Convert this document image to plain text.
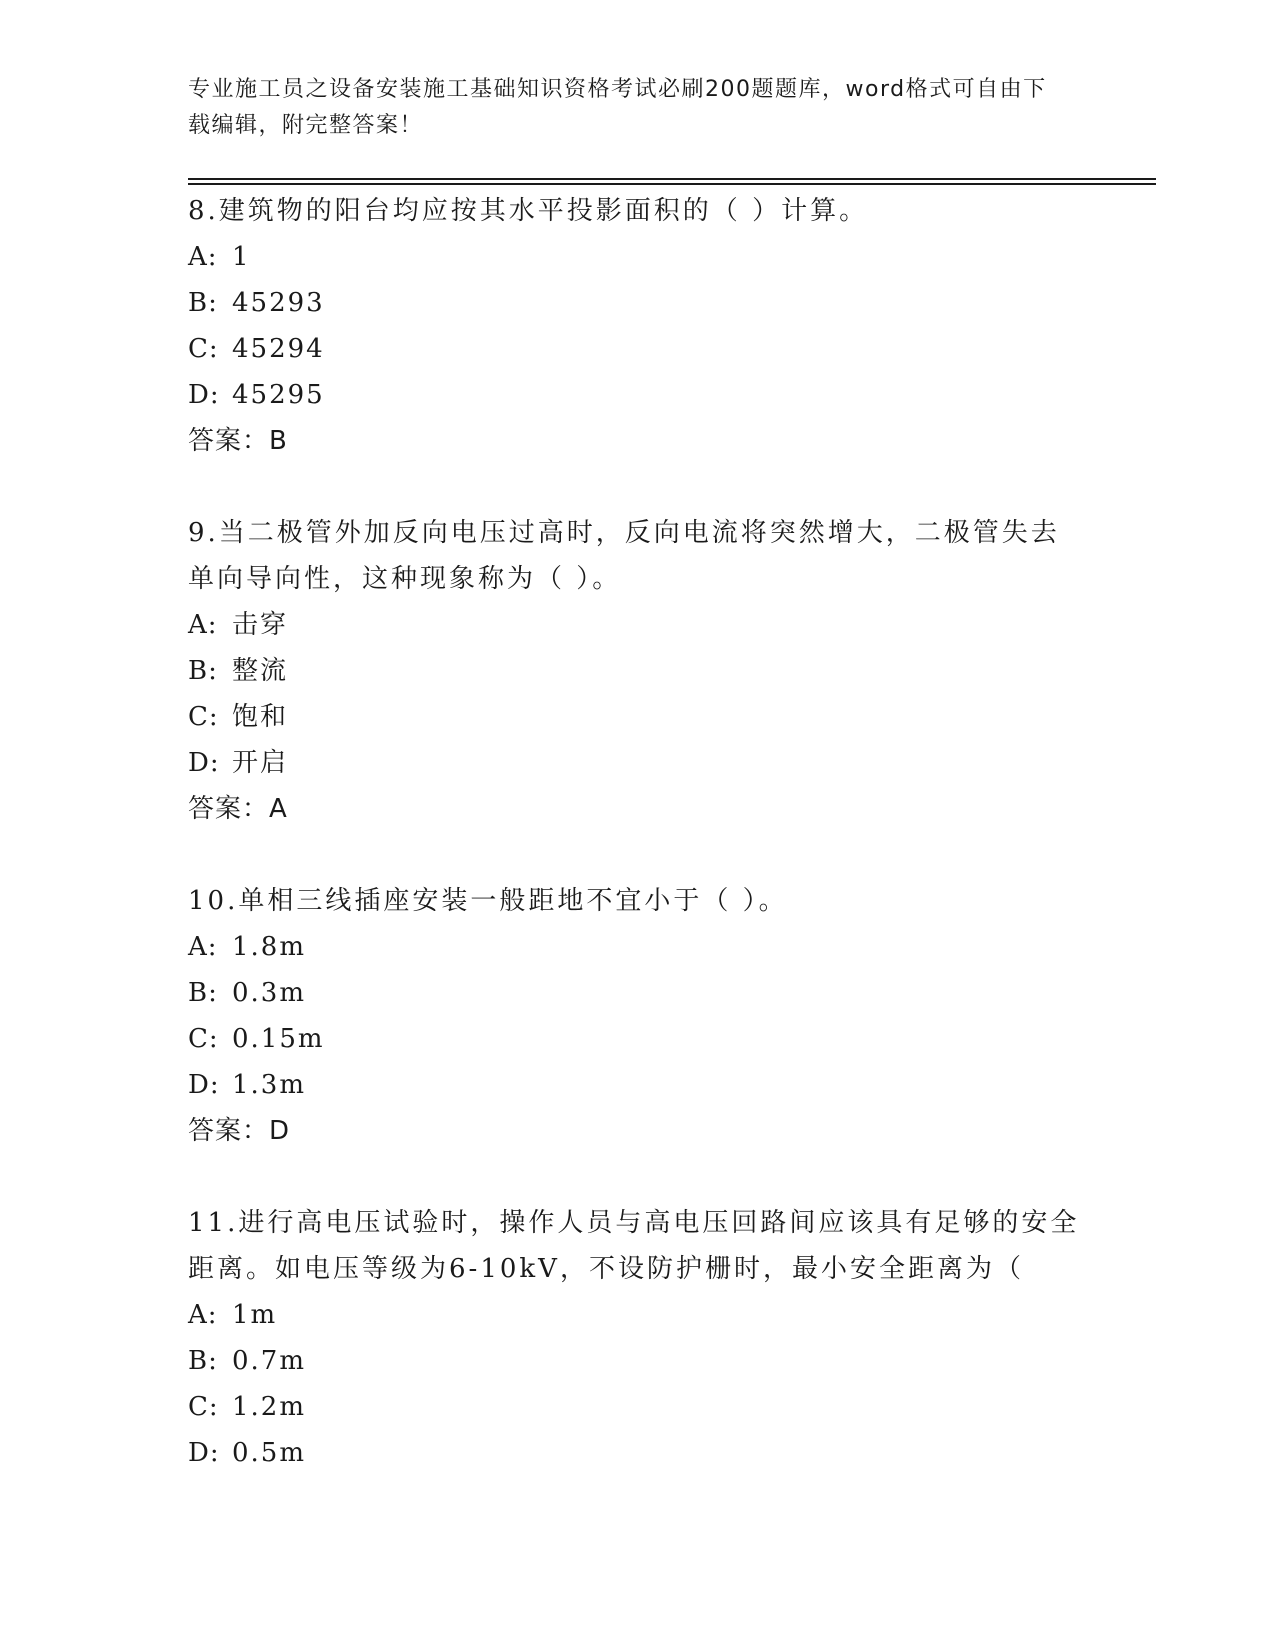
专业施工员之设备安装施工基础知识资格考试必刷200题题库，word格式可自由下载编辑，附完整答案！
8.建筑物的阳台均应按其水平投影面积的（ ）计算。
A: 1
B: 45293
C: 45294
D: 45295
答案：B
9.当二极管外加反向电压过高时，反向电流将突然增大，二极管失去单向导向性，这种现象称为（ ）。
A: 击穿
B: 整流
C: 饱和
D: 开启
答案：A
10.单相三线插座安装一般距地不宜小于（ ）。
A: 1.8m
B: 0.3m
C: 0.15m
D: 1.3m
答案：D
11.进行高电压试验时，操作人员与高电压回路间应该具有足够的安全距离。如电压等级为6-10kV，不设防护栅时，最小安全距离为（
A: 1m
B: 0.7m
C: 1.2m
D: 0.5m
